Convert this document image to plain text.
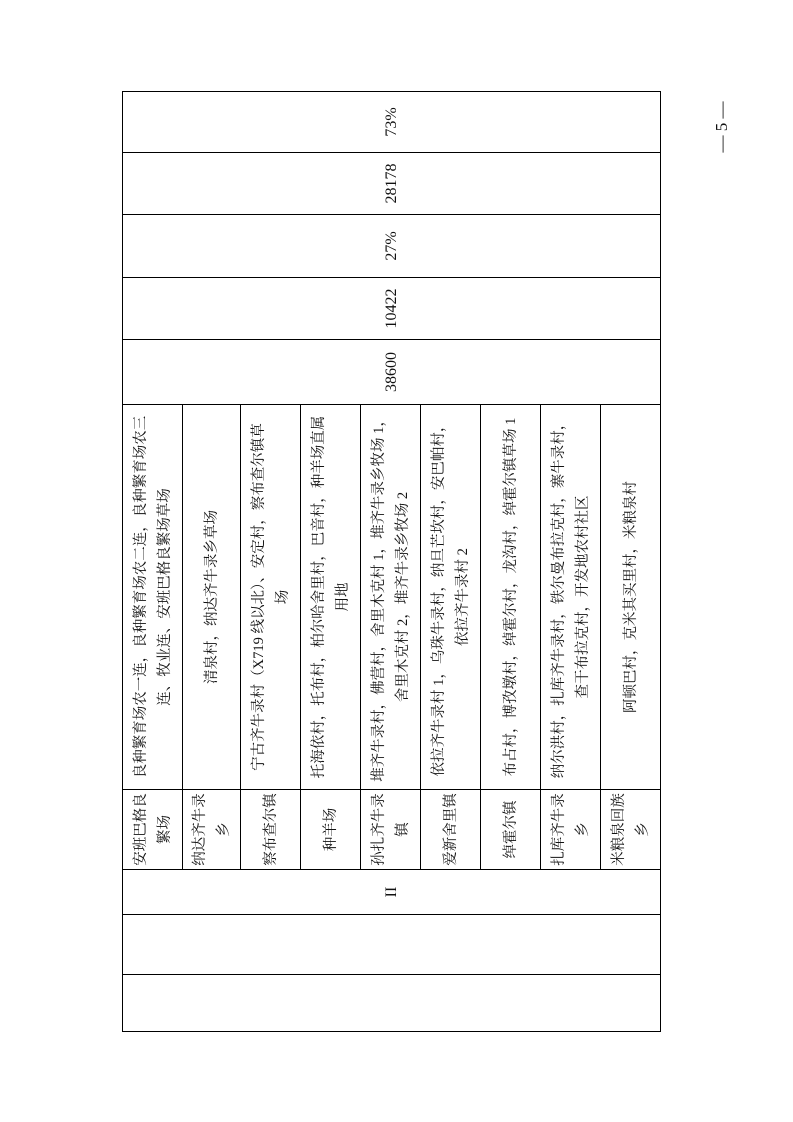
		II	安班巴格良
繁场	良种繁育场农一连，良种繁育场农二连，良种繁育场农三
连、牧业连、安班巴格良繁场草场	38600	10422	27%	28178	73%
			纳达齐牛录
乡	清泉村，纳达齐牛录乡草场					
			察布查尔镇	宁古齐牛录村（X719 线以北）、安定村，察布查尔镇草
场					
			种羊场	托海依村，托布村，柏尔哈舍里村，巴音村，种羊场直属
用地					
			孙扎齐牛录
镇	堆齐牛录村，佛营村，舍里木克村 1，堆齐牛录乡牧场 1，
舍里木克村 2，堆齐牛录乡牧场 2					
			爱新舍里镇	依拉齐牛录村 1，乌珠牛录村，纳旦芒坎村，安巴帕村，
依拉齐牛录村 2					
			绰霍尔镇	布占村，博孜墩村，绰霍尔村，龙沟村，绰霍尔镇草场 1					
			扎库齐牛录
乡	纳尔洪村，扎库齐牛录村，铁尔曼布拉克村，寨牛录村，
查干布拉克村，开发地农村社区					
			米粮泉回族
乡	阿顿巴村，克米其买里村，米粮泉村					
— 5 —
